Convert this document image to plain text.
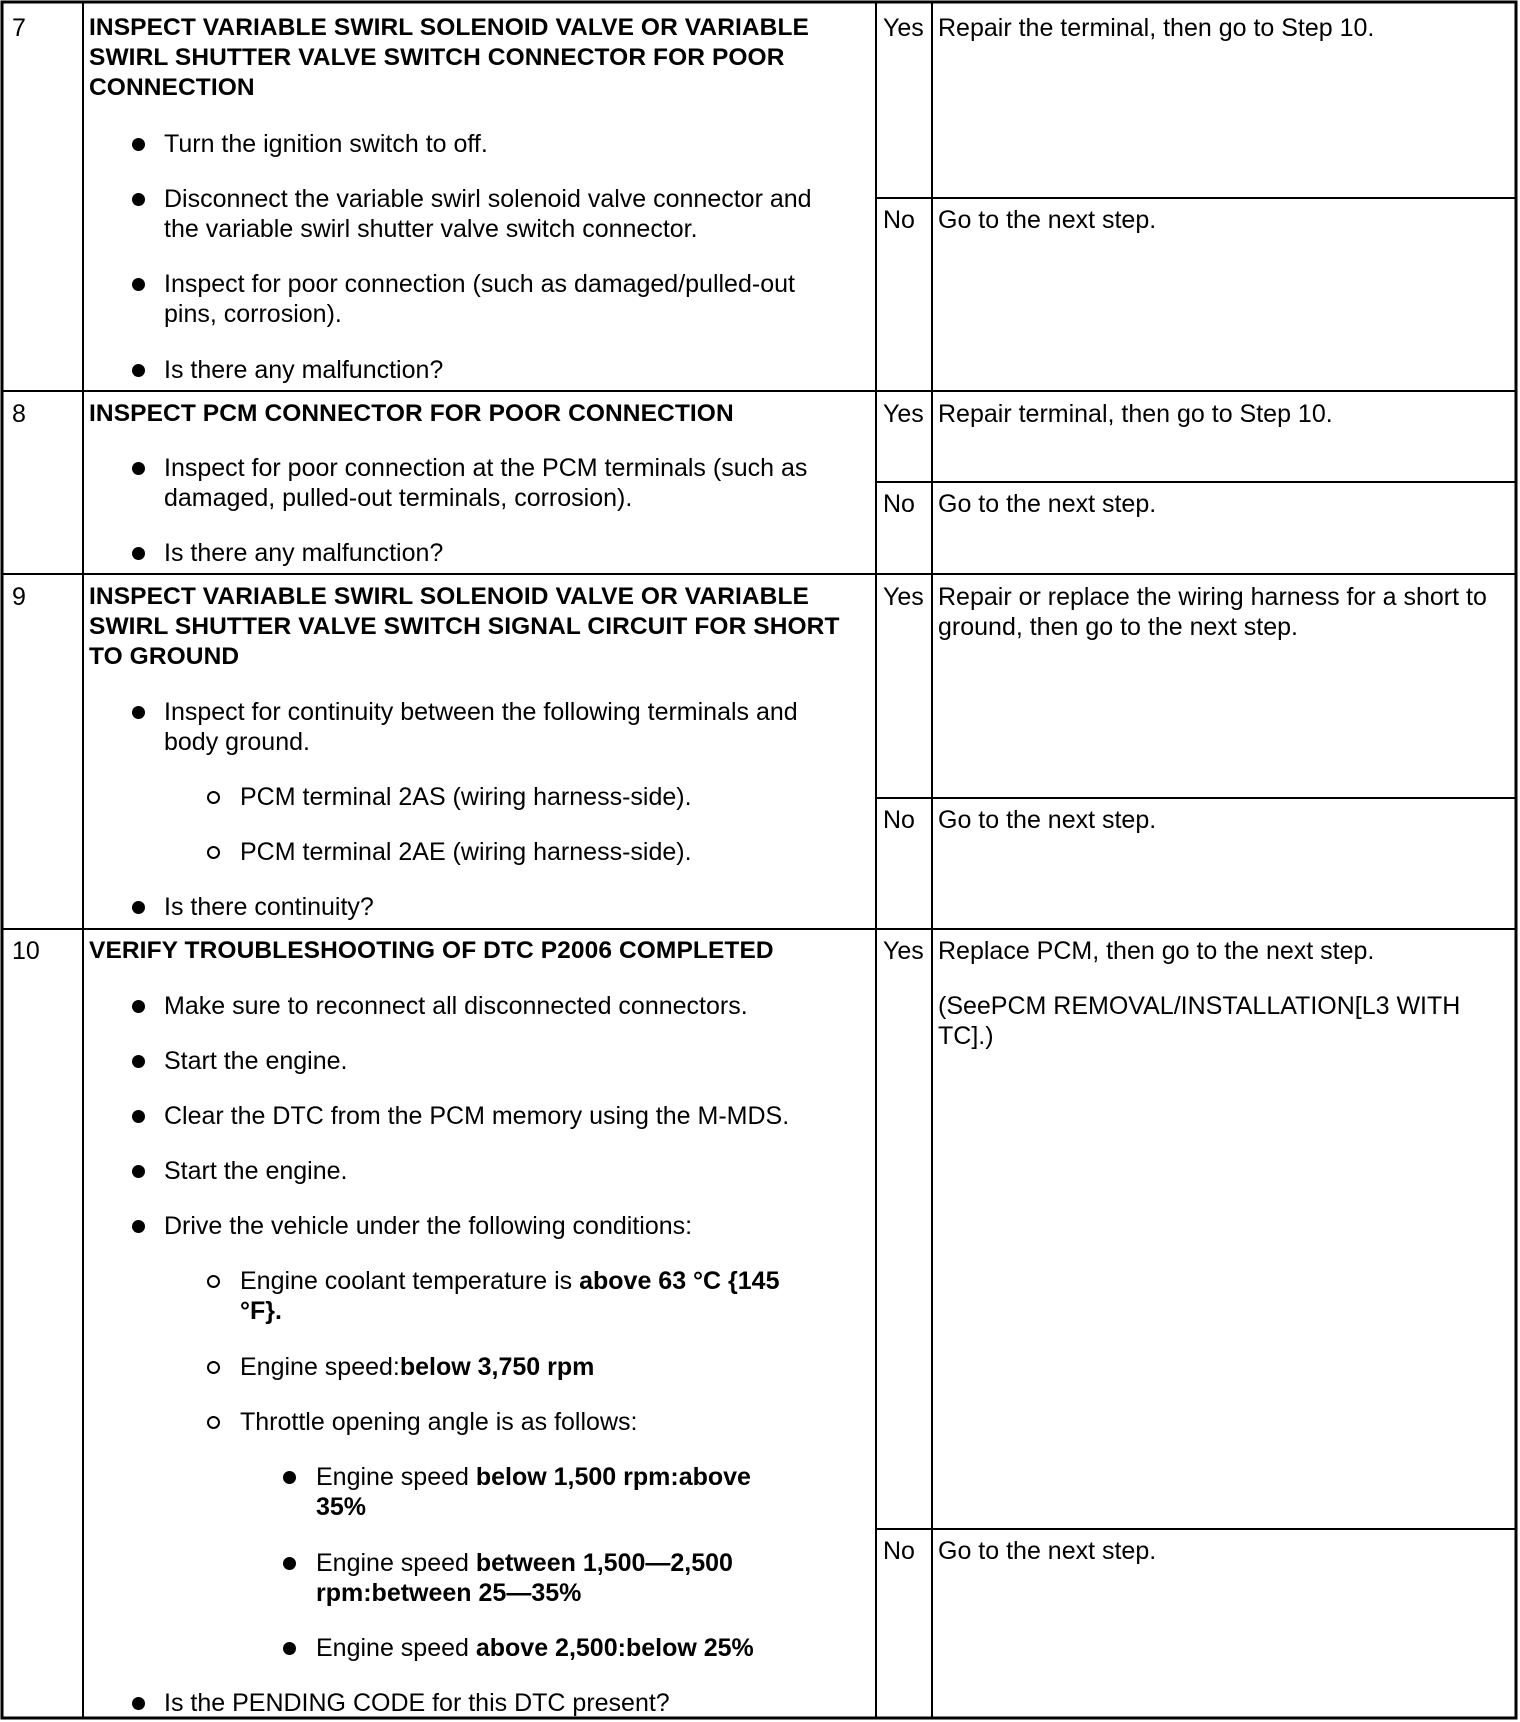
7	INSPECT VARIABLE SWIRL SOLENOID VALVE OR VARIABLE
SWIRL SHUTTER VALVE SWITCH CONNECTOR FOR POOR
CONNECTION
Turn the ignition switch to off.
Disconnect the variable swirl solenoid valve connector and
the variable swirl shutter valve switch connector.
Inspect for poor connection (such as damaged/pulled-out
pins, corrosion).
Is there any malfunction?
Yes Repair the terminal, then go to Step 10.
No Go to the next step.
8	INSPECT PCM CONNECTOR FOR POOR CONNECTION
Inspect for poor connection at the PCM terminals (such as
damaged, pulled-out terminals, corrosion).
Is there any malfunction?
Yes Repair terminal, then go to Step 10.
No Go to the next step.
9	INSPECT VARIABLE SWIRL SOLENOID VALVE OR VARIABLE
SWIRL SHUTTER VALVE SWITCH SIGNAL CIRCUIT FOR SHORT
TO GROUND
Inspect for continuity between the following terminals and
body ground.
PCM terminal 2AS (wiring harness-side).
PCM terminal 2AE (wiring harness-side).
Is there continuity?
Yes Repair or replace the wiring harness for a short to
ground, then go to the next step.
No Go to the next step.
10 VERIFY TROUBLESHOOTING OF DTC P2006 COMPLETED
Make sure to reconnect all disconnected connectors.
Start the engine.
Clear the DTC from the PCM memory using the M-MDS.
Start the engine.
Drive the vehicle under the following conditions:
Engine coolant temperature is above 63 °C {145
°F}.
Engine speed:below 3,750 rpm
Throttle opening angle is as follows:
Engine speed below 1,500 rpm:above
35%
Engine speed between 1,500—2,500
rpm:between 25—35%
Engine speed above 2,500:below 25%
Is the PENDING CODE for this DTC present?
Yes Replace PCM, then go to the next step.
(SeePCM REMOVAL/INSTALLATION[L3 WITH
TC].)
No Go to the next step.
